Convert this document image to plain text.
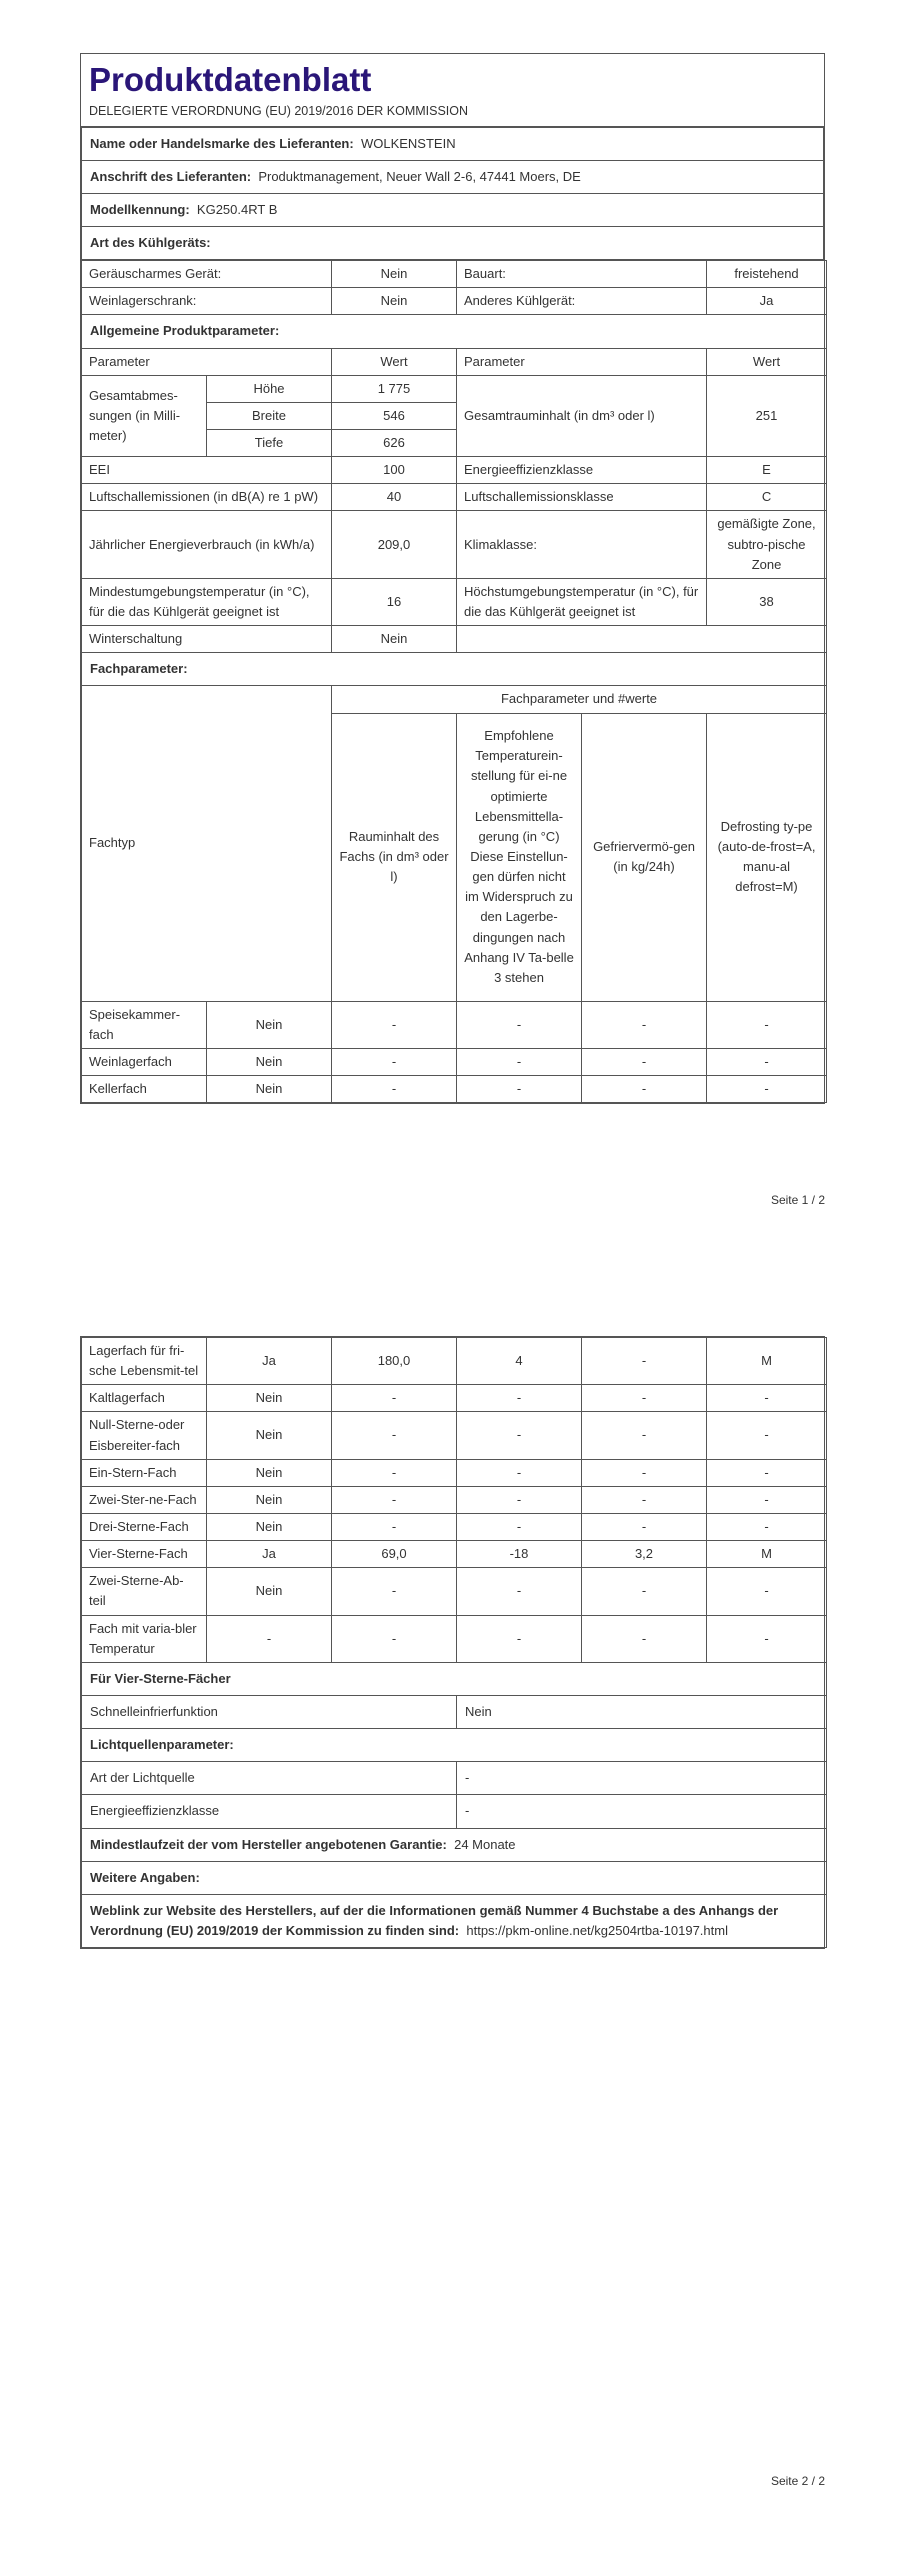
Produktdatenblatt
DELEGIERTE VERORDNUNG (EU) 2019/2016 DER KOMMISSION
Name oder Handelsmarke des Lieferanten: WOLKENSTEIN
Anschrift des Lieferanten: Produktmanagement, Neuer Wall 2-6, 47441 Moers, DE
Modellkennung: KG250.4RT B
Art des Kühlgeräts:
Geräuscharmes Gerät:		Nein	Bauart:		freistehend
Weinlagerschrank:		Nein	Anderes Kühlgerät:		Ja
Allgemeine Produktparameter:					
Parameter		Wert	Parameter		Wert
Gesamtabmes-sungen (in Milli-meter)	Höhe	1 775	Gesamtrauminhalt (in dm³ oder l)		251
	Breite	546			
	Tiefe	626			
EEI		100	Energieeffizienzklasse		E
Luftschallemissionen (in dB(A) re 1 pW)		40	Luftschallemissionsklasse		C
Jährlicher Energieverbrauch (in kWh/a)		209,0	Klimaklasse:		gemäßigte Zone, subtro-pische Zone
Mindestumgebungstemperatur (in °C), für die das Kühlgerät geeignet ist		16	Höchstumgebungstemperatur (in °C), für die das Kühlgerät geeignet ist		38
Winterschaltung		Nein			
Fachparameter:					
Fachtyp		Fachparameter und #werte			
		Rauminhalt des Fachs (in dm³ oder l)	Empfohlene Temperaturein-stellung für ei-ne optimierte Lebensmittella-gerung (in °C) Diese Einstellun-gen dürfen nicht im Widerspruch zu den Lagerbe-dingungen nach Anhang IV Ta-belle 3 stehen	Gefriervermö-gen (in kg/24h)	Defrosting ty-pe (auto-de-frost=A, manu-al defrost=M)
Speisekammer-fach	Nein	-	-	-	-
Weinlagerfach	Nein	-	-	-	-
Kellerfach	Nein	-	-	-	-
Seite 1 / 2
Lagerfach für fri-sche Lebensmit-tel	Ja	180,0	4	-	M
Kaltlagerfach	Nein	-	-	-	-
Null-Sterne-oder Eisbereiter-fach	Nein	-	-	-	-
Ein-Stern-Fach	Nein	-	-	-	-
Zwei-Ster-ne-Fach	Nein	-	-	-	-
Drei-Sterne-Fach	Nein	-	-	-	-
Vier-Sterne-Fach	Ja	69,0	-18	3,2	M
Zwei-Sterne-Ab-teil	Nein	-	-	-	-
Fach mit varia-bler Temperatur	-	-	-	-	-
Für Vier-Sterne-Fächer					
Schnelleinfrierfunktion			Nein		
Lichtquellenparameter:					
Art der Lichtquelle			-		
Energieeffizienzklasse			-		
Mindestlaufzeit der vom Hersteller angebotenen Garantie: 24 Monate					
Weitere Angaben:					
Weblink zur Website des Herstellers, auf der die Informationen gemäß Nummer 4 Buchstabe a des Anhangs der Verordnung (EU) 2019/2019 der Kommission zu finden sind: https://pkm-online.net/kg2504rtba-10197.html					
Seite 2 / 2
